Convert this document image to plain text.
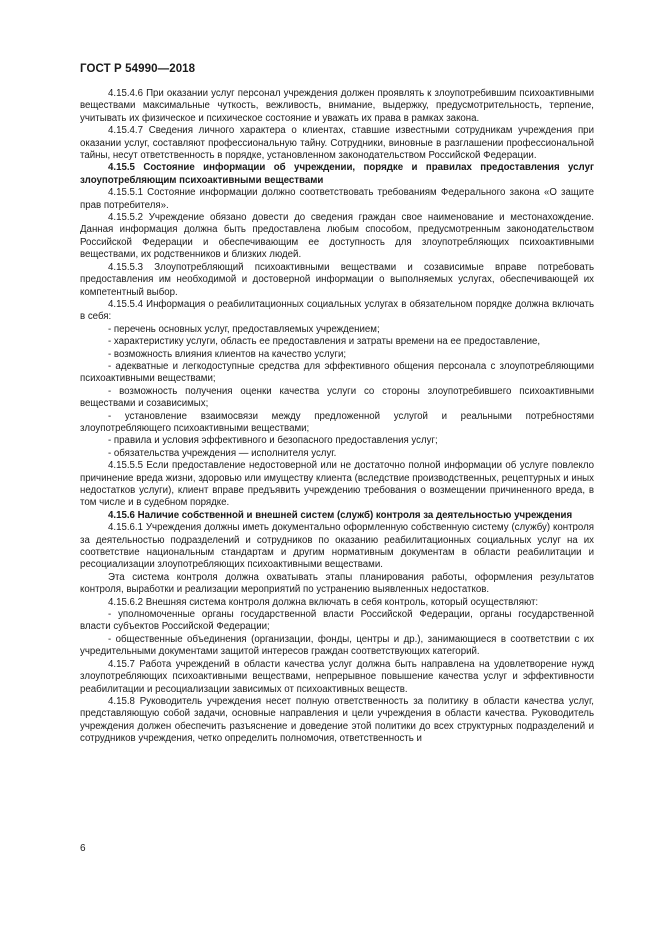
ГОСТ Р 54990—2018

4.15.4.6 При оказании услуг персонал учреждения должен проявлять к злоупотребившим психоактивными веществами максимальные чуткость, вежливость, внимание, выдержку, предусмотрительность, терпение, учитывать их физическое и психическое состояние и уважать их права в рамках закона.

4.15.4.7 Сведения личного характера о клиентах, ставшие известными сотрудникам учреждения при оказании услуг, составляют профессиональную тайну. Сотрудники, виновные в разглашении профессиональной тайны, несут ответственность в порядке, установленном законодательством Российской Федерации.

4.15.5 Состояние информации об учреждении, порядке и правилах предоставления услуг злоупотребляющим психоактивными веществами

4.15.5.1 Состояние информации должно соответствовать требованиям Федерального закона «О защите прав потребителя».

4.15.5.2 Учреждение обязано довести до сведения граждан свое наименование и местонахождение. Данная информация должна быть предоставлена любым способом, предусмотренным законодательством Российской Федерации и обеспечивающим ее доступность для злоупотребляющих психоактивными веществами, их родственников и близких людей.

4.15.5.3 Злоупотребляющий психоактивными веществами и созависимые вправе потребовать предоставления им необходимой и достоверной информации о выполняемых услугах, обеспечивающей их компетентный выбор.

4.15.5.4 Информация о реабилитационных социальных услугах в обязательном порядке должна включать в себя:

- перечень основных услуг, предоставляемых учреждением;

- характеристику услуги, область ее предоставления и затраты времени на ее предоставление,

- возможность влияния клиентов на качество услуги;

- адекватные и легкодоступные средства для эффективного общения персонала с злоупотребляющими психоактивными веществами;

- возможность получения оценки качества услуги со стороны злоупотребившего психоактивными веществами и созависимых;

- установление взаимосвязи между предложенной услугой и реальными потребностями злоупотребляющего психоактивными веществами;

- правила и условия эффективного и безопасного предоставления услуг;

- обязательства учреждения — исполнителя услуг.

4.15.5.5 Если предоставление недостоверной или не достаточно полной информации об услуге повлекло причинение вреда жизни, здоровью или имуществу клиента (вследствие производственных, рецептурных и иных недостатков услуги), клиент вправе предъявить учреждению требования о возмещении причиненного вреда, в том числе и в судебном порядке.

4.15.6 Наличие собственной и внешней систем (служб) контроля за деятельностью учреждения

4.15.6.1 Учреждения должны иметь документально оформленную собственную систему (службу) контроля за деятельностью подразделений и сотрудников по оказанию реабилитационных социальных услуг на их соответствие национальным стандартам и другим нормативным документам в области реабилитации и ресоциализации злоупотребляющих психоактивными веществами.

Эта система контроля должна охватывать этапы планирования работы, оформления результатов контроля, выработки и реализации мероприятий по устранению выявленных недостатков.

4.15.6.2 Внешняя система контроля должна включать в себя контроль, который осуществляют:

- уполномоченные органы государственной власти Российской Федерации, органы государственной власти субъектов Российской Федерации;

- общественные объединения (организации, фонды, центры и др.), занимающиеся в соответствии с их учредительными документами защитой интересов граждан соответствующих категорий.

4.15.7 Работа учреждений в области качества услуг должна быть направлена на удовлетворение нужд злоупотребляющих психоактивными веществами, непрерывное повышение качества услуг и эффективности реабилитации и ресоциализации зависимых от психоактивных веществ.

4.15.8 Руководитель учреждения несет полную ответственность за политику в области качества услуг, представляющую собой задачи, основные направления и цели учреждения в области качества. Руководитель учреждения должен обеспечить разъяснение и доведение этой политики до всех структурных подразделений и сотрудников учреждения, четко определить полномочия, ответственность и

6
